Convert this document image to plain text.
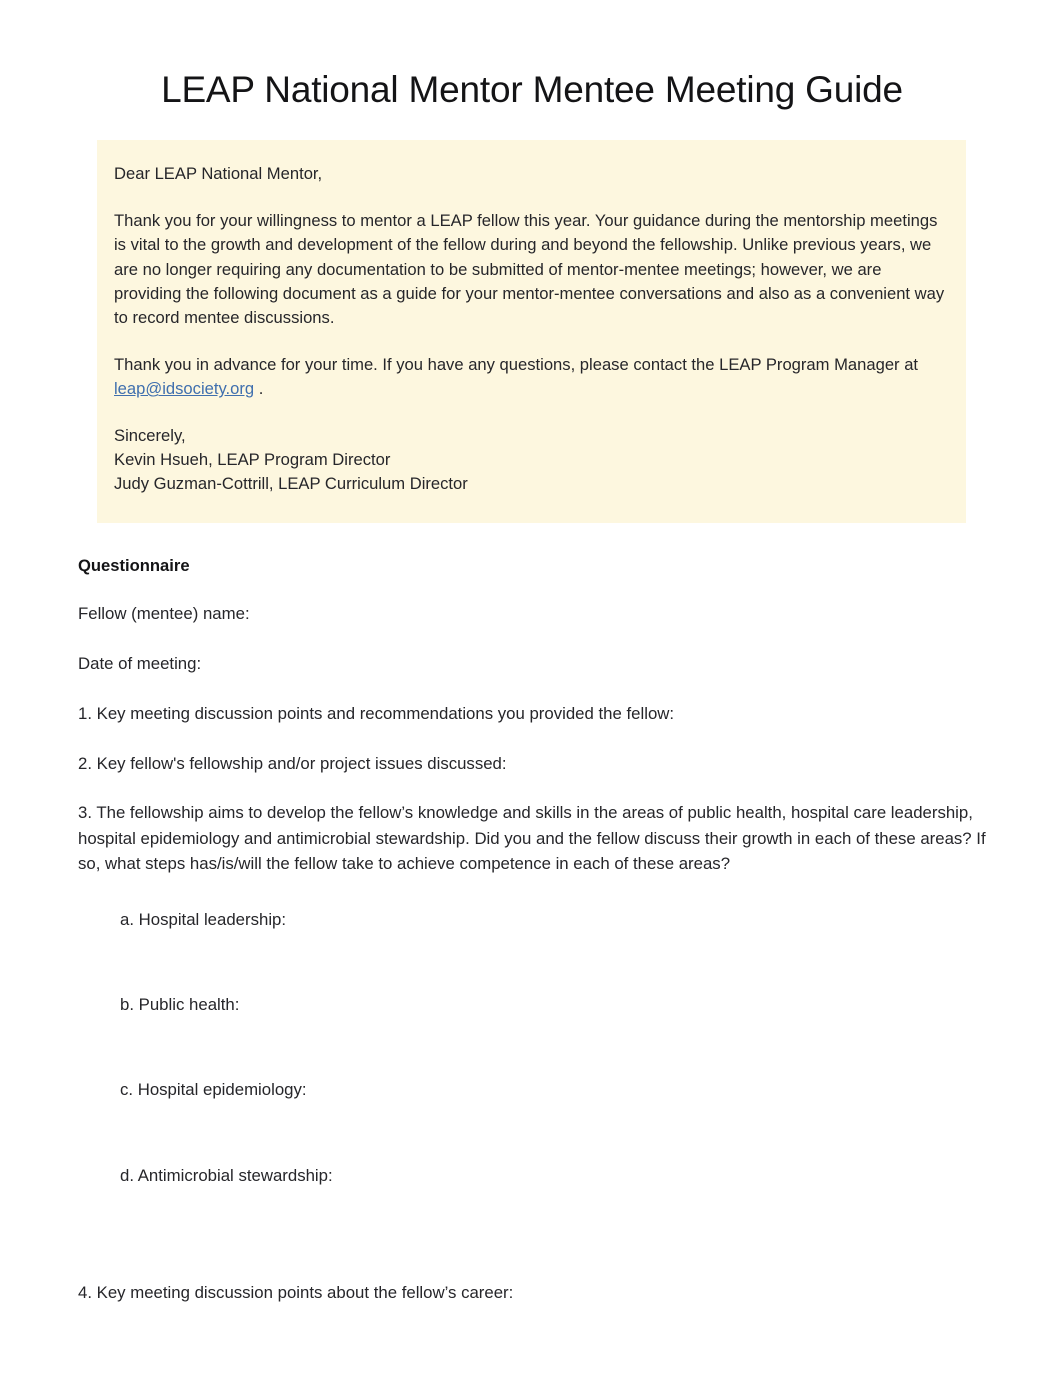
LEAP National Mentor Mentee Meeting Guide

Dear LEAP National Mentor,

Thank you for your willingness to mentor a LEAP fellow this year. Your guidance during the mentorship meetings is vital to the growth and development of the fellow during and beyond the fellowship. Unlike previous years, we are no longer requiring any documentation to be submitted of mentor-mentee meetings; however, we are providing the following document as a guide for your mentor-mentee conversations and also as a convenient way to record mentee discussions.

Thank you in advance for your time. If you have any questions, please contact the LEAP Program Manager at leap@idsociety.org .

Sincerely,
Kevin Hsueh, LEAP Program Director
Judy Guzman-Cottrill, LEAP Curriculum Director

Questionnaire

Fellow (mentee) name:

Date of meeting:

1. Key meeting discussion points and recommendations you provided the fellow:

2. Key fellow's fellowship and/or project issues discussed:

3. The fellowship aims to develop the fellow’s knowledge and skills in the areas of public health, hospital care leadership, hospital epidemiology and antimicrobial stewardship. Did you and the fellow discuss their growth in each of these areas? If so, what steps has/is/will the fellow take to achieve competence in each of these areas?

a. Hospital leadership:
b. Public health:
c. Hospital epidemiology:
d. Antimicrobial stewardship:

4. Key meeting discussion points about the fellow’s career:
